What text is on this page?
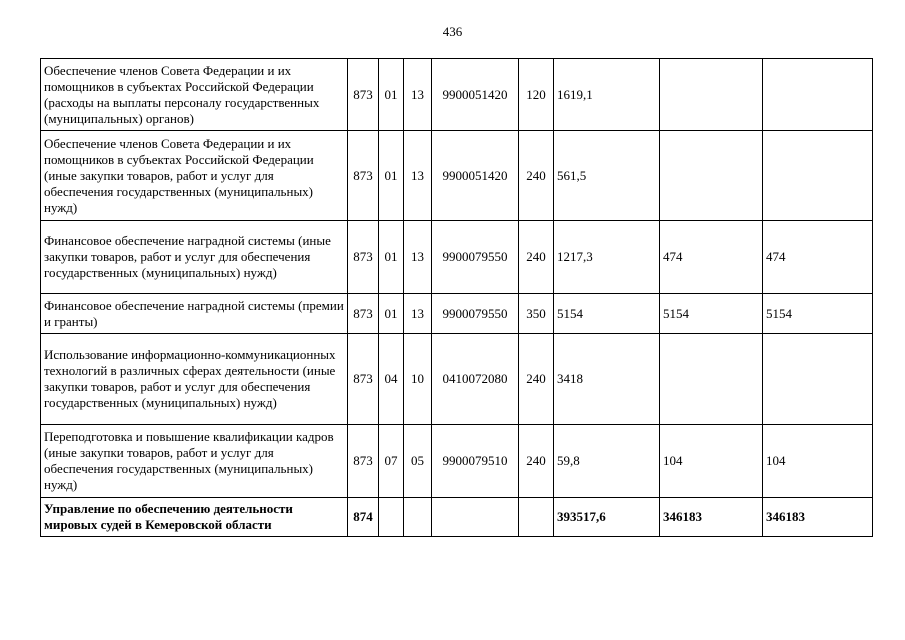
436
Обеспечение членов Совета Федерации и их помощников в субъектах Российской Федерации (расходы на выплаты персоналу государственных (муниципальных) органов)	873	01	13	9900051420	120	1619,1		
Обеспечение членов Совета Федерации и их помощников в субъектах Российской Федерации (иные закупки товаров, работ и услуг для обеспечения государственных (муниципальных) нужд)	873	01	13	9900051420	240	561,5		
Финансовое обеспечение наградной системы (иные закупки товаров, работ и услуг для обеспечения государственных (муниципальных) нужд)	873	01	13	9900079550	240	1217,3	474	474
Финансовое обеспечение наградной системы (премии и гранты)	873	01	13	9900079550	350	5154	5154	5154
Использование информационно-коммуникационных технологий в различных сферах деятельности (иные закупки товаров, работ и услуг для обеспечения государственных (муниципальных) нужд)	873	04	10	0410072080	240	3418		
Переподготовка и повышение квалификации кадров (иные закупки товаров, работ и услуг для обеспечения государственных (муниципальных) нужд)	873	07	05	9900079510	240	59,8	104	104
Управление по обеспечению деятельности мировых судей в Кемеровской области	874					393517,6	346183	346183
